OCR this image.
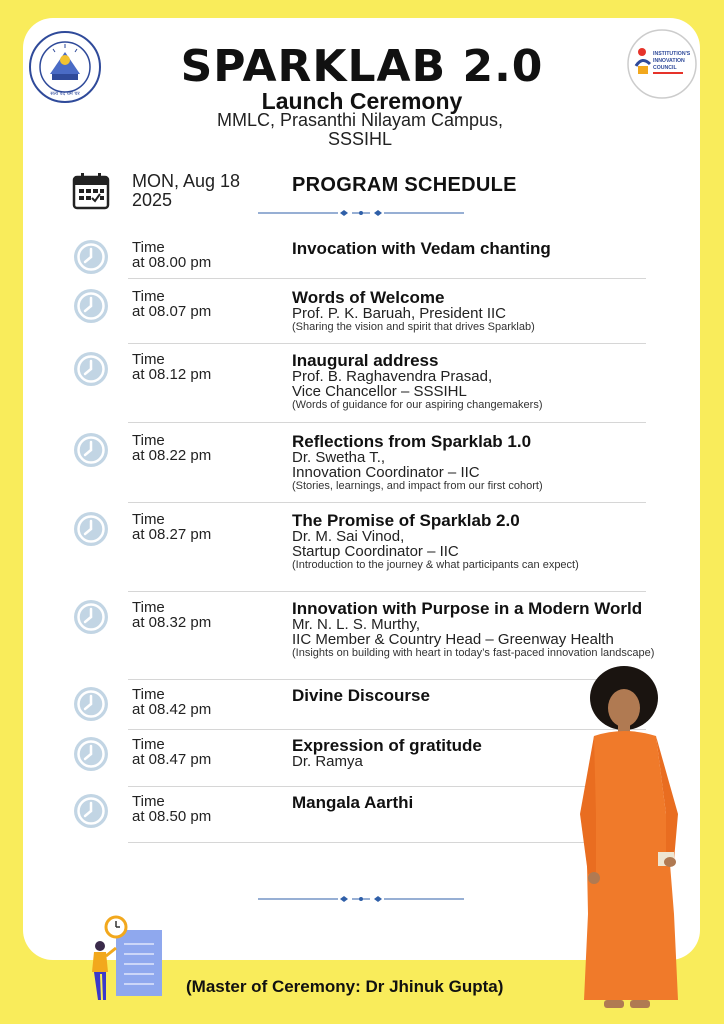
सत्यं वद धर्मं चर
INSTITUTION'S
INNOVATION
COUNCIL
SPARKLAB 2.0
Launch Ceremony
MMLC, Prasanthi Nilayam Campus,
SSSIHL
MON, Aug 18
2025
PROGRAM SCHEDULE
Time
at 08.00 pm
Invocation with Vedam chanting
Time
at 08.07 pm
Words of Welcome
Prof. P. K. Baruah, President IIC
(Sharing the vision and spirit that drives Sparklab)
Time
at 08.12 pm
Inaugural address
Prof. B. Raghavendra Prasad,
Vice Chancellor – SSSIHL
(Words of guidance for our aspiring changemakers)
Time
at 08.22 pm
Reflections from Sparklab 1.0
Dr. Swetha T.,
Innovation Coordinator – IIC
(Stories, learnings, and impact from our first cohort)
Time
at 08.27 pm
The Promise of Sparklab 2.0
Dr. M. Sai Vinod,
Startup Coordinator – IIC
(Introduction to the journey & what participants can expect)
Time
at 08.32 pm
Innovation with Purpose in a Modern World
Mr. N. L. S. Murthy,
IIC Member & Country Head – Greenway Health
(Insights on building with heart in today’s fast-paced innovation landscape)
Time
at 08.42 pm
Divine Discourse
Time
at 08.47 pm
Expression of gratitude
Dr. Ramya
Time
at 08.50 pm
Mangala Aarthi
(Master of Ceremony: Dr Jhinuk Gupta)
